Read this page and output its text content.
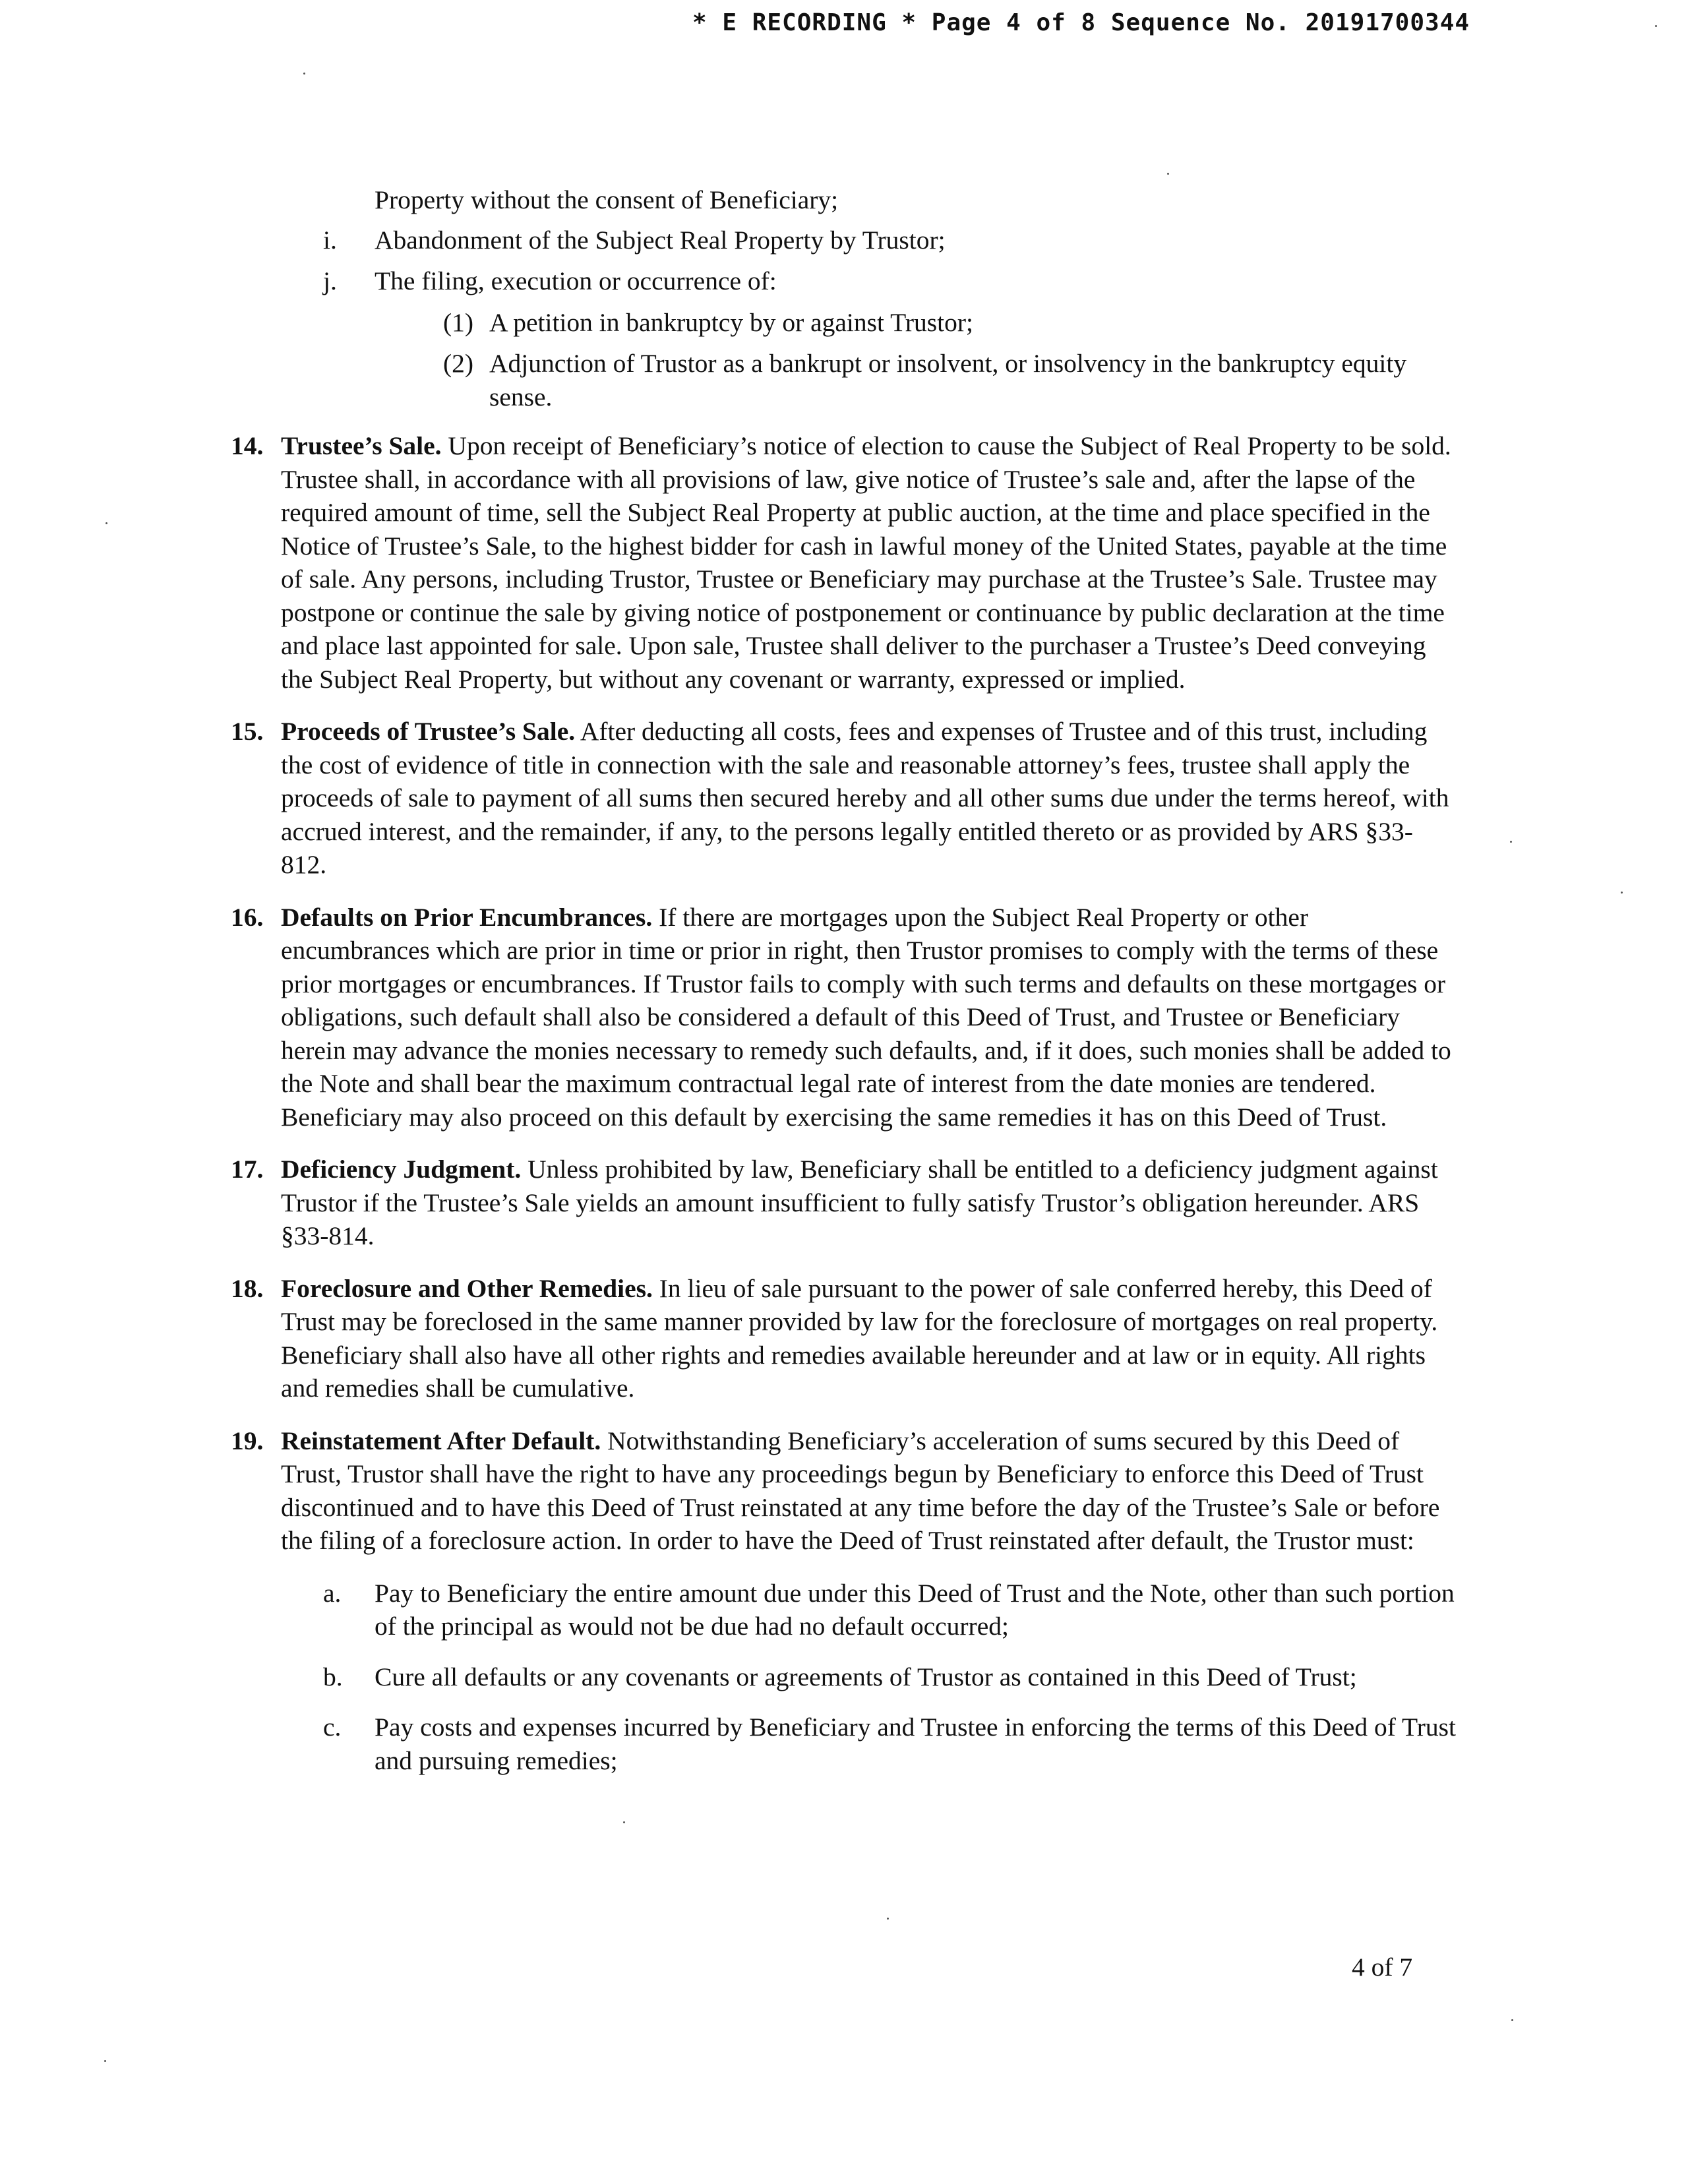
* E RECORDING * Page 4 of 8 Sequence No. 20191700344
Property without the consent of Beneficiary;
i. Abandonment of the Subject Real Property by Trustor;
j. The filing, execution or occurrence of:
(1) A petition in bankruptcy by or against Trustor;
(2) Adjunction of Trustor as a bankrupt or insolvent, or insolvency in the bankruptcy equity sense.
14. Trustee’s Sale. Upon receipt of Beneficiary’s notice of election to cause the Subject of Real Property to be sold. Trustee shall, in accordance with all provisions of law, give notice of Trustee’s sale and, after the lapse of the required amount of time, sell the Subject Real Property at public auction, at the time and place specified in the Notice of Trustee’s Sale, to the highest bidder for cash in lawful money of the United States, payable at the time of sale. Any persons, including Trustor, Trustee or Beneficiary may purchase at the Trustee’s Sale. Trustee may postpone or continue the sale by giving notice of postponement or continuance by public declaration at the time and place last appointed for sale. Upon sale, Trustee shall deliver to the purchaser a Trustee’s Deed conveying the Subject Real Property, but without any covenant or warranty, expressed or implied.
15. Proceeds of Trustee’s Sale. After deducting all costs, fees and expenses of Trustee and of this trust, including the cost of evidence of title in connection with the sale and reasonable attorney’s fees, trustee shall apply the proceeds of sale to payment of all sums then secured hereby and all other sums due under the terms hereof, with accrued interest, and the remainder, if any, to the persons legally entitled thereto or as provided by ARS §33-812.
16. Defaults on Prior Encumbrances. If there are mortgages upon the Subject Real Property or other encumbrances which are prior in time or prior in right, then Trustor promises to comply with the terms of these prior mortgages or encumbrances. If Trustor fails to comply with such terms and defaults on these mortgages or obligations, such default shall also be considered a default of this Deed of Trust, and Trustee or Beneficiary herein may advance the monies necessary to remedy such defaults, and, if it does, such monies shall be added to the Note and shall bear the maximum contractual legal rate of interest from the date monies are tendered. Beneficiary may also proceed on this default by exercising the same remedies it has on this Deed of Trust.
17. Deficiency Judgment. Unless prohibited by law, Beneficiary shall be entitled to a deficiency judgment against Trustor if the Trustee’s Sale yields an amount insufficient to fully satisfy Trustor’s obligation hereunder. ARS §33-814.
18. Foreclosure and Other Remedies. In lieu of sale pursuant to the power of sale conferred hereby, this Deed of Trust may be foreclosed in the same manner provided by law for the foreclosure of mortgages on real property. Beneficiary shall also have all other rights and remedies available hereunder and at law or in equity. All rights and remedies shall be cumulative.
19. Reinstatement After Default. Notwithstanding Beneficiary’s acceleration of sums secured by this Deed of Trust, Trustor shall have the right to have any proceedings begun by Beneficiary to enforce this Deed of Trust discontinued and to have this Deed of Trust reinstated at any time before the day of the Trustee’s Sale or before the filing of a foreclosure action. In order to have the Deed of Trust reinstated after default, the Trustor must:
a. Pay to Beneficiary the entire amount due under this Deed of Trust and the Note, other than such portion of the principal as would not be due had no default occurred;
b. Cure all defaults or any covenants or agreements of Trustor as contained in this Deed of Trust;
c. Pay costs and expenses incurred by Beneficiary and Trustee in enforcing the terms of this Deed of Trust and pursuing remedies;
4 of 7
